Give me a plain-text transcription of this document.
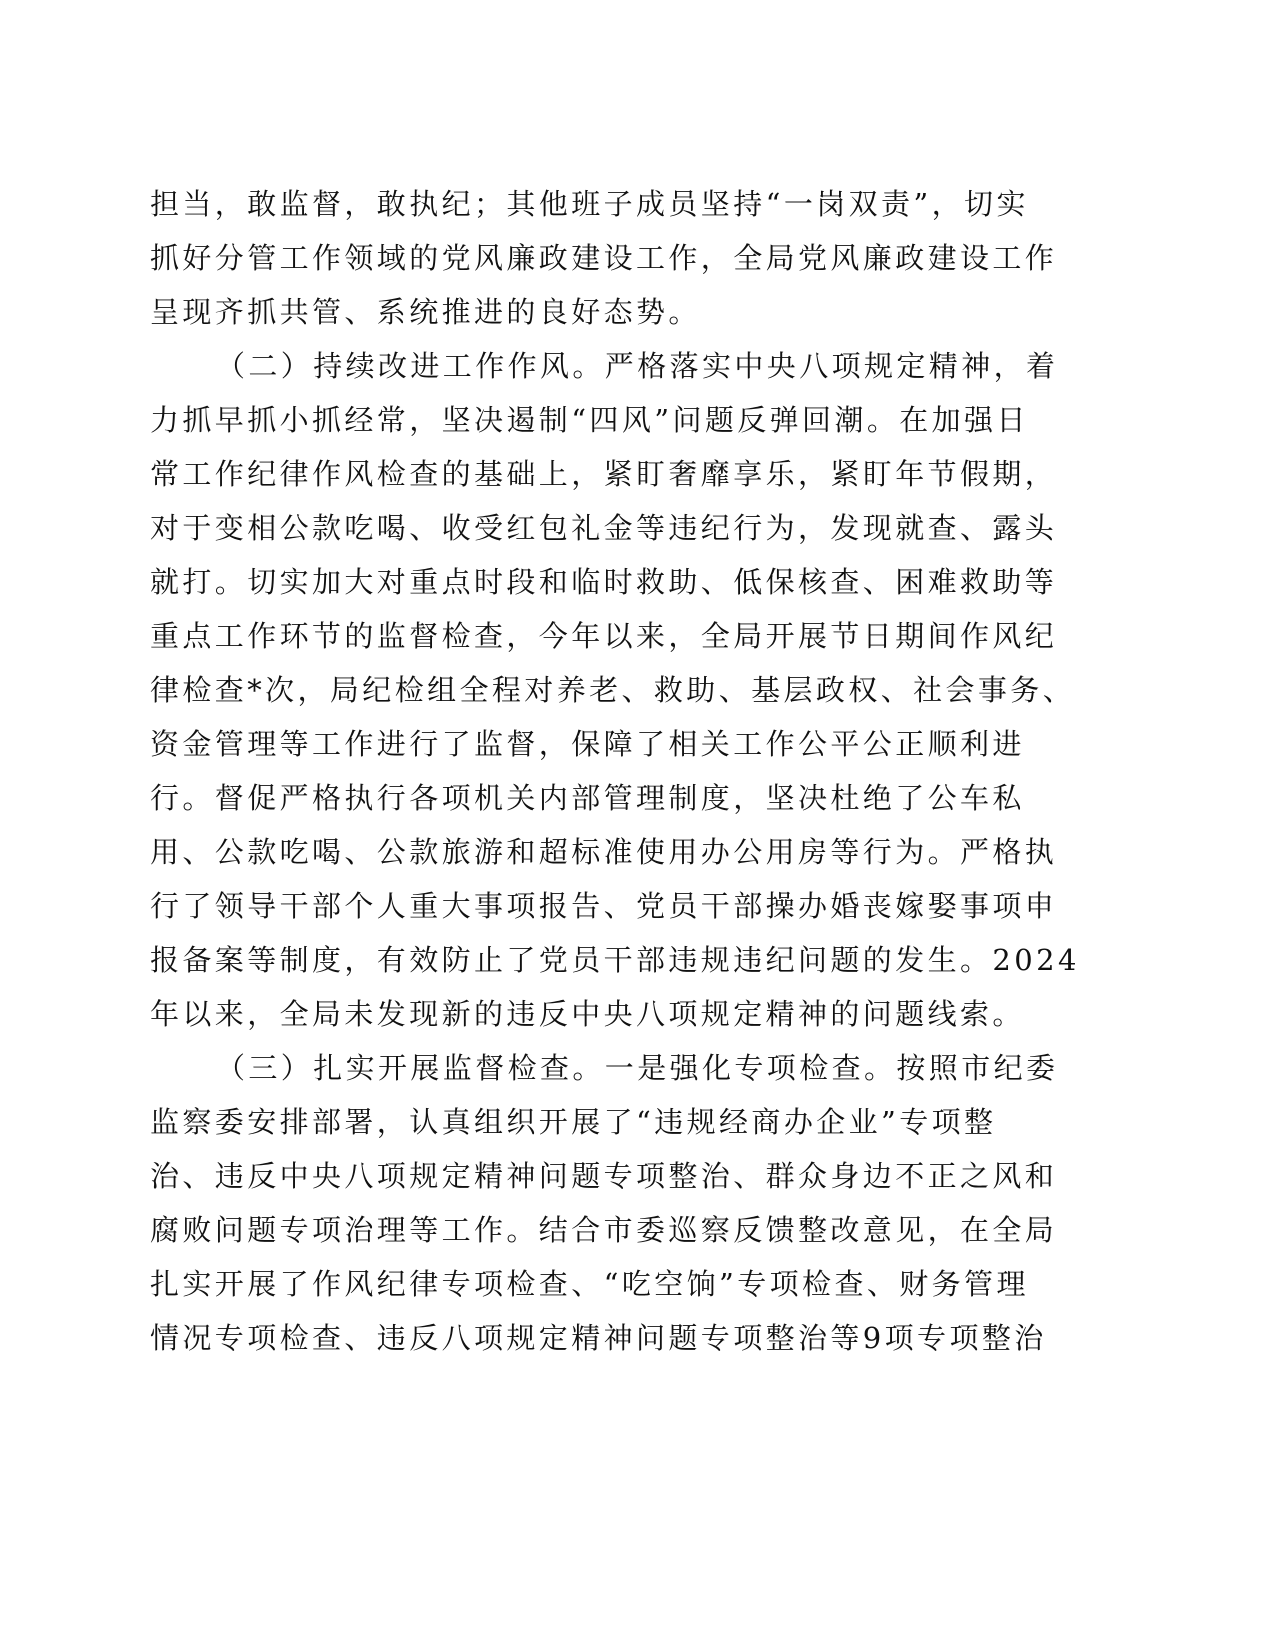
担当，敢监督，敢执纪；其他班子成员坚持“一岗双责”，切实
抓好分管工作领域的党风廉政建设工作，全局党风廉政建设工作
呈现齐抓共管、系统推进的良好态势。
（二）持续改进工作作风。严格落实中央八项规定精神，着
力抓早抓小抓经常，坚决遏制“四风”问题反弹回潮。在加强日
常工作纪律作风检查的基础上，紧盯奢靡享乐，紧盯年节假期，
对于变相公款吃喝、收受红包礼金等违纪行为，发现就查、露头
就打。切实加大对重点时段和临时救助、低保核查、困难救助等
重点工作环节的监督检查，今年以来，全局开展节日期间作风纪
律检查*次，局纪检组全程对养老、救助、基层政权、社会事务、
资金管理等工作进行了监督，保障了相关工作公平公正顺利进
行。督促严格执行各项机关内部管理制度，坚决杜绝了公车私
用、公款吃喝、公款旅游和超标准使用办公用房等行为。严格执
行了领导干部个人重大事项报告、党员干部操办婚丧嫁娶事项申
报备案等制度，有效防止了党员干部违规违纪问题的发生。2024
年以来，全局未发现新的违反中央八项规定精神的问题线索。
（三）扎实开展监督检查。一是强化专项检查。按照市纪委
监察委安排部署，认真组织开展了“违规经商办企业”专项整
治、违反中央八项规定精神问题专项整治、群众身边不正之风和
腐败问题专项治理等工作。结合市委巡察反馈整改意见，在全局
扎实开展了作风纪律专项检查、“吃空饷”专项检查、财务管理
情况专项检查、违反八项规定精神问题专项整治等9项专项整治
